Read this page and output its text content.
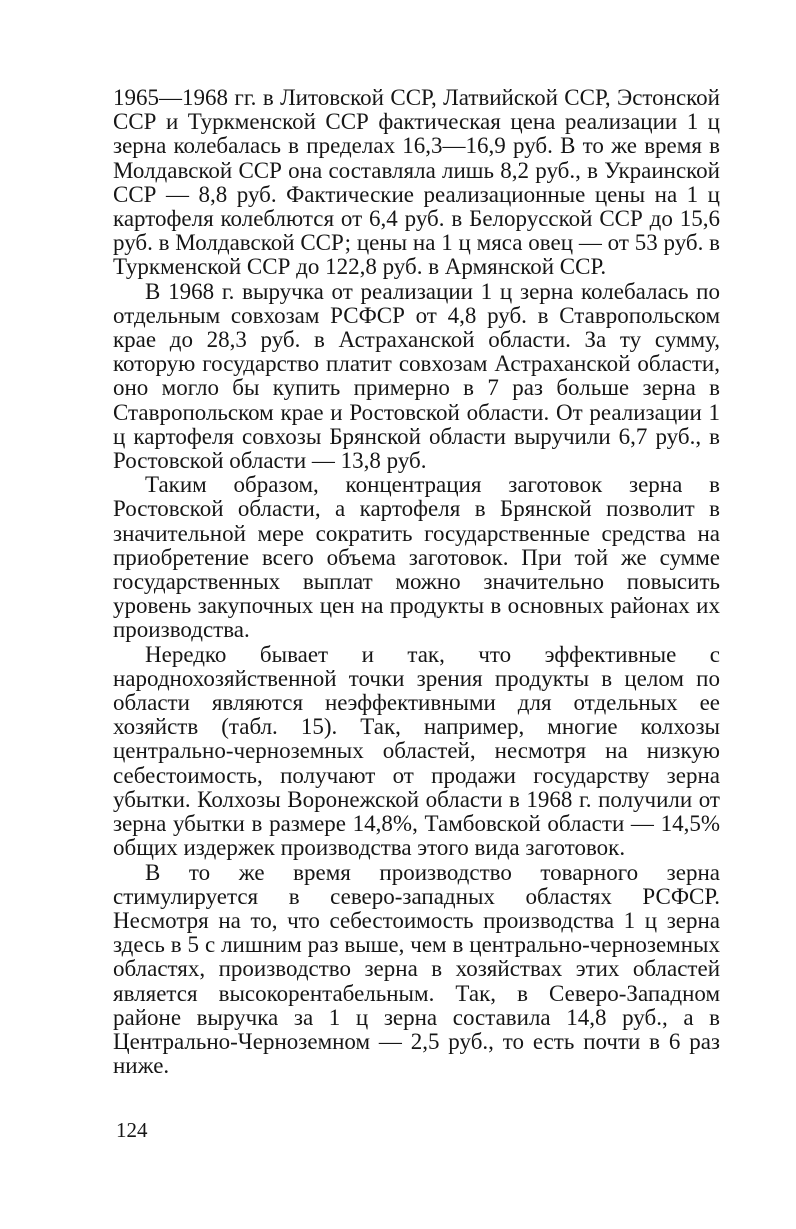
1965—1968 гг. в Литовской ССР, Латвийской ССР, Эстонской ССР и Туркменской ССР фактическая цена реализации 1 ц зерна колебалась в пределах 16,3—16,9 руб. В то же время в Молдавской ССР она составляла лишь 8,2 руб., в Украинской ССР — 8,8 руб. Фактические реализационные цены на 1 ц картофеля колеблются от 6,4 руб. в Белорусской ССР до 15,6 руб. в Молдавской ССР; цены на 1 ц мяса овец — от 53 руб. в Туркменской ССР до 122,8 руб. в Армянской ССР.

В 1968 г. выручка от реализации 1 ц зерна колебалась по отдельным совхозам РСФСР от 4,8 руб. в Ставропольском крае до 28,3 руб. в Астраханской области. За ту сумму, которую государство платит совхозам Астраханской области, оно могло бы купить примерно в 7 раз больше зерна в Ставропольском крае и Ростовской области. От реализации 1 ц картофеля совхозы Брянской области выручили 6,7 руб., в Ростовской области — 13,8 руб.

Таким образом, концентрация заготовок зерна в Ростовской области, а картофеля в Брянской позволит в значительной мере сократить государственные средства на приобретение всего объема заготовок. При той же сумме государственных выплат можно значительно повысить уровень закупочных цен на продукты в основных районах их производства.

Нередко бывает и так, что эффективные с народнохозяйственной точки зрения продукты в целом по области являются неэффективными для отдельных ее хозяйств (табл. 15). Так, например, многие колхозы центрально-черноземных областей, несмотря на низкую себестоимость, получают от продажи государству зерна убытки. Колхозы Воронежской области в 1968 г. получили от зерна убытки в размере 14,8%, Тамбовской области — 14,5% общих издержек производства этого вида заготовок.

В то же время производство товарного зерна стимулируется в северо-западных областях РСФСР. Несмотря на то, что себестоимость производства 1 ц зерна здесь в 5 с лишним раз выше, чем в центрально-черноземных областях, производство зерна в хозяйствах этих областей является высокорентабельным. Так, в Северо-Западном районе выручка за 1 ц зерна составила 14,8 руб., а в Центрально-Черноземном — 2,5 руб., то есть почти в 6 раз ниже.

124
